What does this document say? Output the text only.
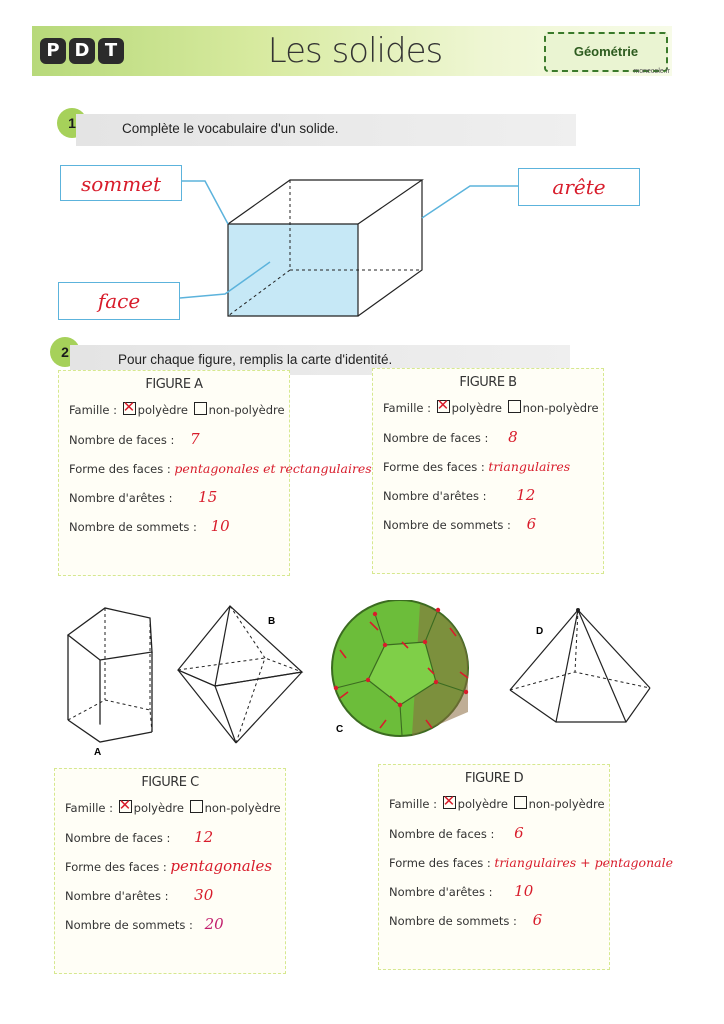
P D T	Les solides	Géométrie
monecole.fr
1	Complète le vocabulaire d'un solide.
sommet	arête
face
2	Pour chaque figure, remplis la carte d'identité.
FIGURE A
Famille : ✕ polyèdre non-polyèdre
Nombre de faces : 7
Forme des faces : pentagonales et rectangulaires
Nombre d'arêtes : 15
Nombre de sommets : 10
FIGURE B
Famille : ✕ polyèdre non-polyèdre
Nombre de faces : 8
Forme des faces : triangulaires
Nombre d'arêtes : 12
Nombre de sommets : 6
A
B
C
D
FIGURE C
Famille : ✕ polyèdre non-polyèdre
Nombre de faces : 12
Forme des faces : pentagonales
Nombre d'arêtes : 30
Nombre de sommets : 20
FIGURE D
Famille : ✕ polyèdre non-polyèdre
Nombre de faces : 6
Forme des faces : triangulaires + pentagonale
Nombre d'arêtes : 10
Nombre de sommets : 6
